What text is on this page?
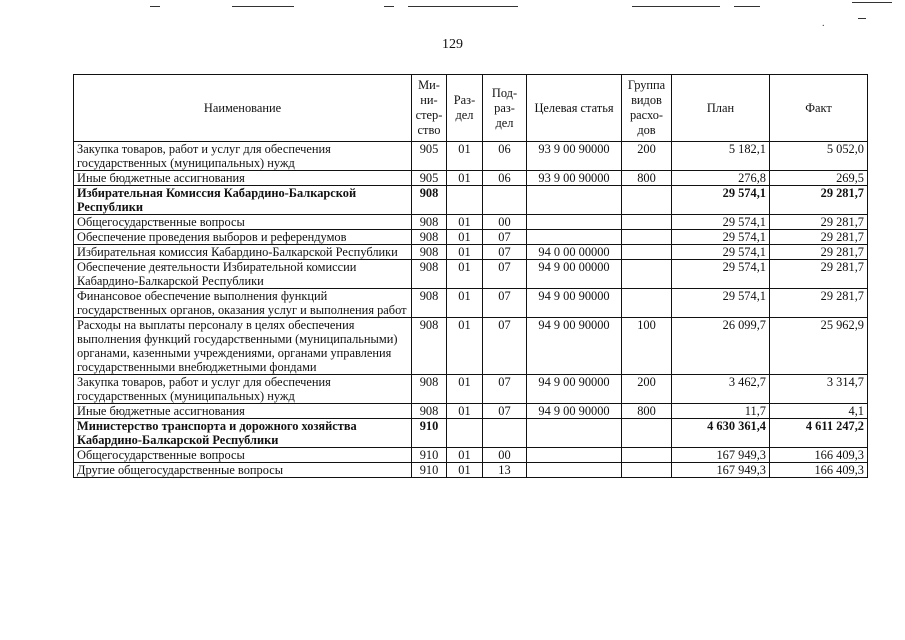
129
Наименование	Ми-ни-стер-ство	Раз-дел	Под-раз-дел	Целевая статья	Группа видов расхо-дов	План	Факт
Закупка товаров, работ и услуг для обеспечения государственных (муниципальных) нужд	905	01	06	93 9 00 90000	200	5 182,1	5 052,0
Иные бюджетные ассигнования	905	01	06	93 9 00 90000	800	276,8	269,5
Избирательная Комиссия Кабардино-Балкарской Республики	908					29 574,1	29 281,7
Общегосударственные вопросы	908	01	00			29 574,1	29 281,7
Обеспечение проведения выборов и референдумов	908	01	07			29 574,1	29 281,7
Избирательная комиссия Кабардино-Балкарской Республики	908	01	07	94 0 00 00000		29 574,1	29 281,7
Обеспечение деятельности Избирательной комиссии Кабардино-Балкарской Республики	908	01	07	94 9 00 00000		29 574,1	29 281,7
Финансовое обеспечение выполнения функций государственных органов, оказания услуг и выполнения работ	908	01	07	94 9 00 90000		29 574,1	29 281,7
Расходы на выплаты персоналу в целях обеспечения выполнения функций государственными (муниципальными) органами, казенными учреждениями, органами управления государственными внебюджетными фондами	908	01	07	94 9 00 90000	100	26 099,7	25 962,9
Закупка товаров, работ и услуг для обеспечения государственных (муниципальных) нужд	908	01	07	94 9 00 90000	200	3 462,7	3 314,7
Иные бюджетные ассигнования	908	01	07	94 9 00 90000	800	11,7	4,1
Министерство транспорта и дорожного хозяйства Кабардино-Балкарской Республики	910					4 630 361,4	4 611 247,2
Общегосударственные вопросы	910	01	00			167 949,3	166 409,3
Другие общегосударственные вопросы	910	01	13			167 949,3	166 409,3
.
